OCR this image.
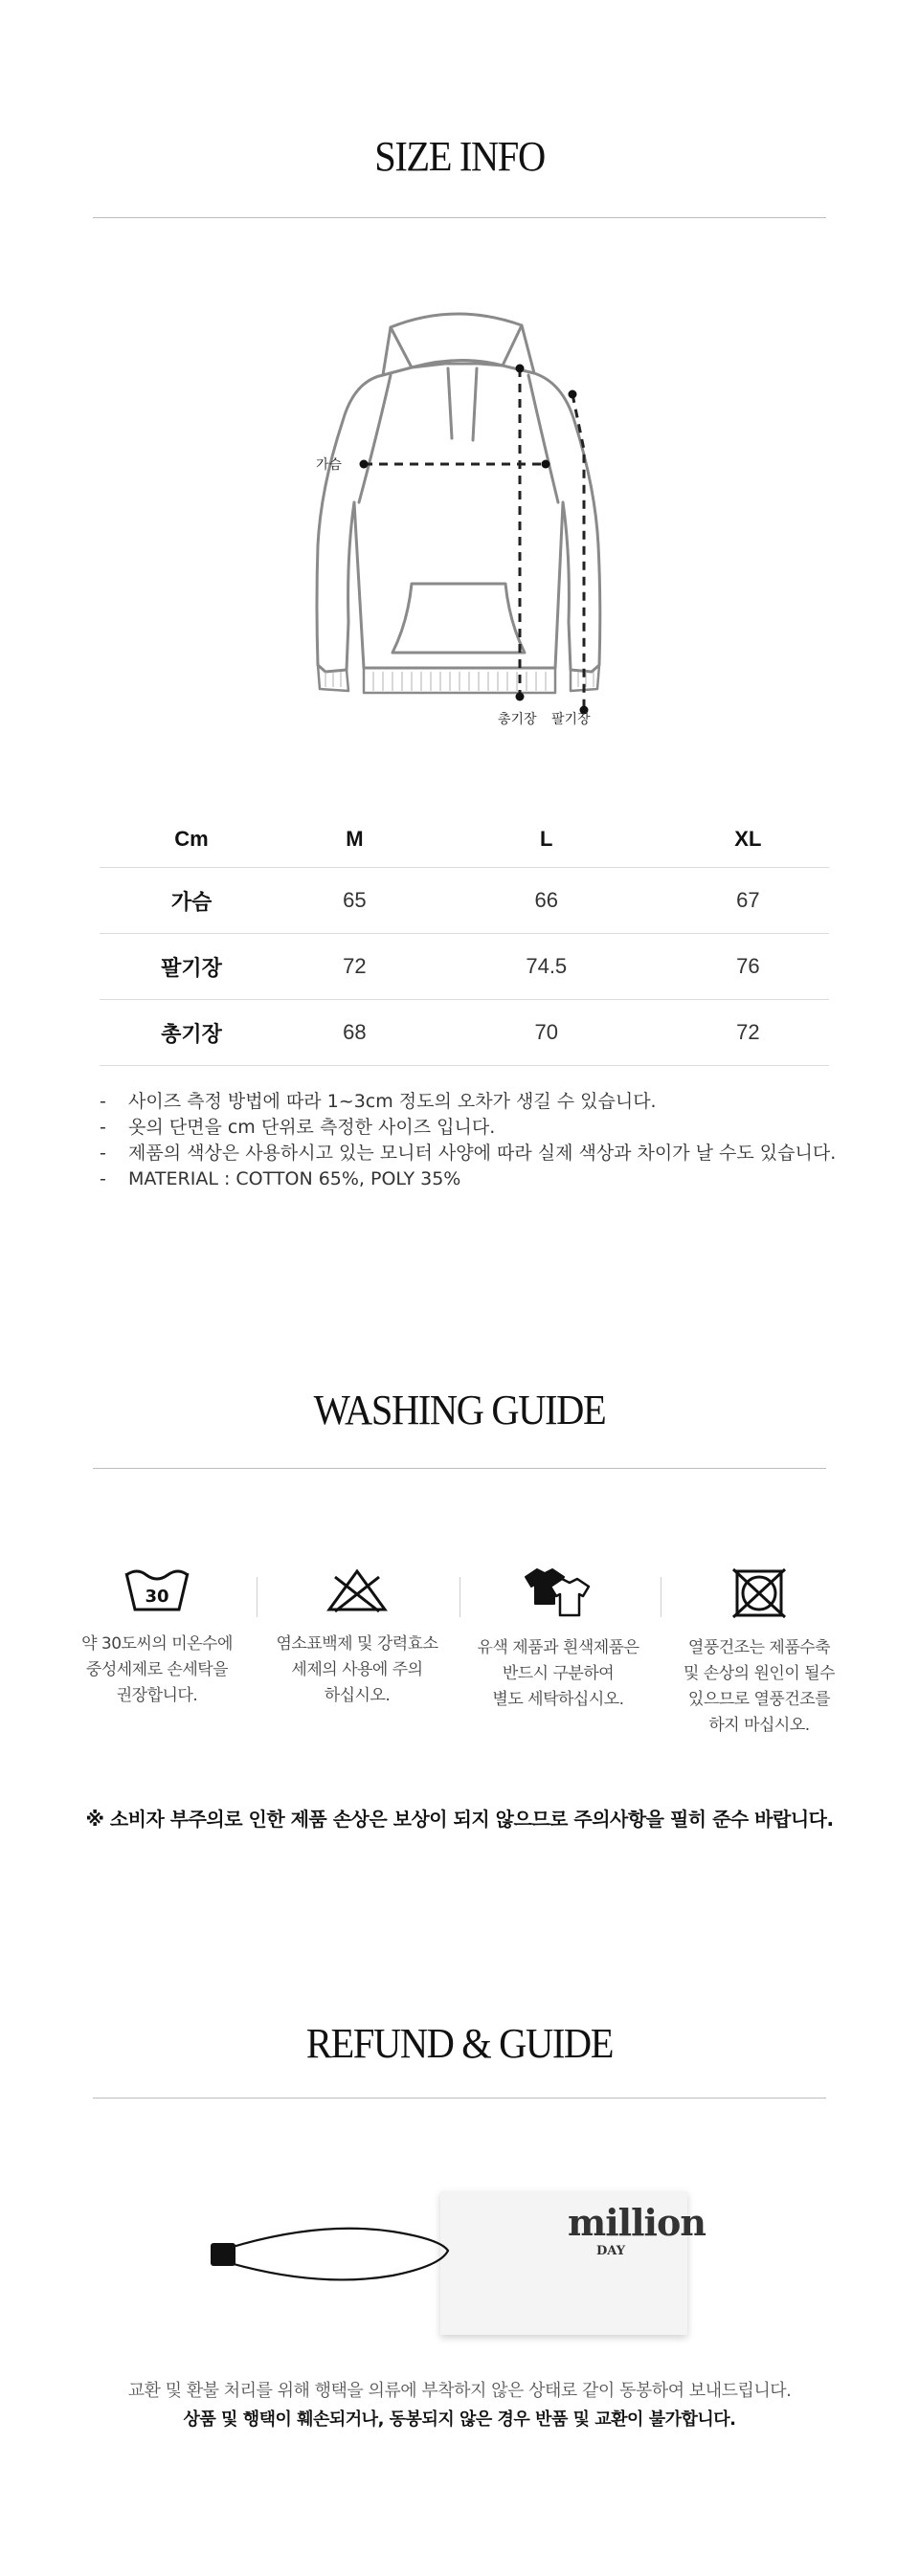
SIZE INFO
가슴
총기장 팔기장
Cm	M	L	XL
가슴	65	66	67
팔기장	72	74.5	76
총기장	68	70	72
- 사이즈 측정 방법에 따라 1~3cm 정도의 오차가 생길 수 있습니다.
- 옷의 단면을 cm 단위로 측정한 사이즈 입니다.
- 제품의 색상은 사용하시고 있는 모니터 사양에 따라 실제 색상과 차이가 날 수도 있습니다.
- MATERIAL : COTTON 65%, POLY 35%
WASHING GUIDE
30
약 30도씨의 미온수에
중성세제로 손세탁을
권장합니다.
염소표백제 및 강력효소
세제의 사용에 주의
하십시오.
유색 제품과 흰색제품은
반드시 구분하여
별도 세탁하십시오.
열풍건조는 제품수축
및 손상의 원인이 될수
있으므로 열풍건조를
하지 마십시오.
※ 소비자 부주의로 인한 제품 손상은 보상이 되지 않으므로 주의사항을 필히 준수 바랍니다.
REFUND & GUIDE
million
DAY
교환 및 환불 처리를 위해 행택을 의류에 부착하지 않은 상태로 같이 동봉하여 보내드립니다.
상품 및 행택이 훼손되거나, 동봉되지 않은 경우 반품 및 교환이 불가합니다.
